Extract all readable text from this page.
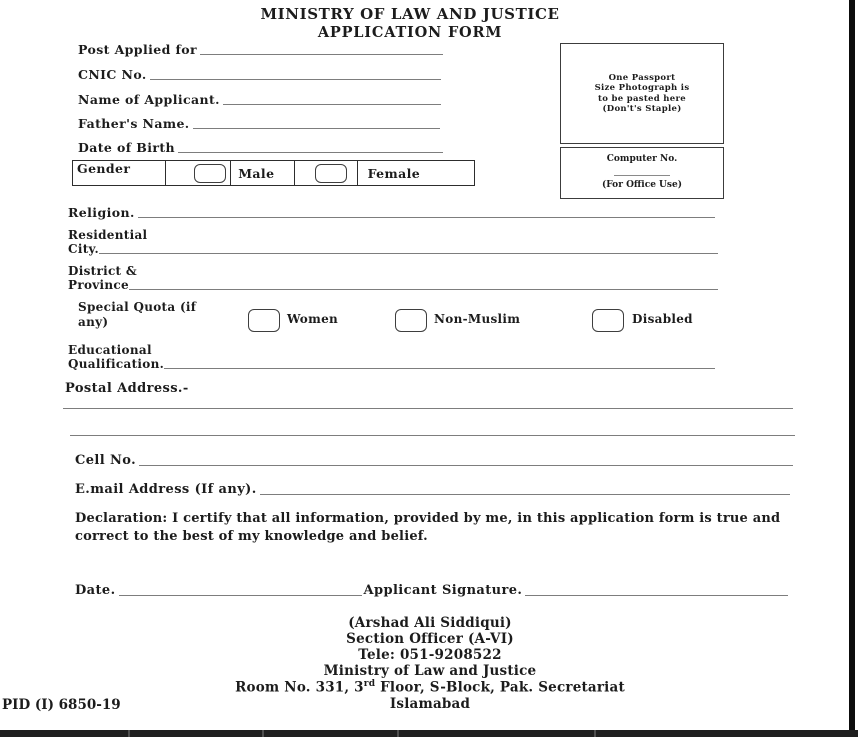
MINISTRY OF LAW AND JUSTICE
APPLICATION FORM
Post Applied for
CNIC No.
Name of Applicant.
Father's Name.
Date of Birth
Gender	Male	Female
One Passport
Size Photograph is
to be pasted here
(Don't's Staple)
Computer No.
(For Office Use)
Religion.
Residential
City.
District &
Province
Special Quota (if any)	Women	Non-Muslim	Disabled
Educational
Qualification.
Postal Address.-
Cell No.
E.mail Address (If any).
Declaration: I certify that all information, provided by me, in this application form is true and correct to the best of my knowledge and belief.
Date.	Applicant Signature.
(Arshad Ali Siddiqui)
Section Officer (A-VI)
Tele: 051-9208522
Ministry of Law and Justice
Room No. 331, 3rd Floor, S-Block, Pak. Secretariat
Islamabad
PID (I) 6850-19
